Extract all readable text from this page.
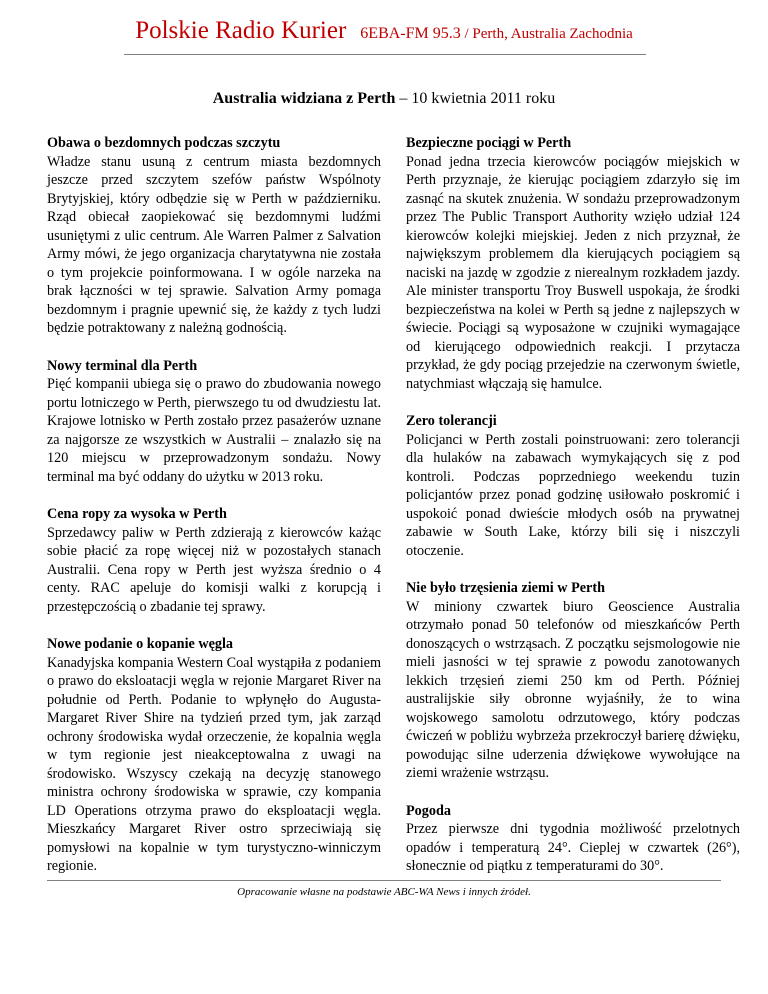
Polskie Radio Kurier 6EBA-FM 95.3 / Perth, Australia Zachodnia
Australia widziana z Perth – 10 kwietnia 2011 roku
Obawa o bezdomnych podczas szczytu

Władze stanu usuną z centrum miasta bezdomnych jeszcze przed szczytem szefów państw Wspólnoty Brytyjskiej, który odbędzie się w Perth w październiku. Rząd obiecał zaopiekować się bezdomnymi ludźmi usuniętymi z ulic centrum. Ale Warren Palmer z Salvation Army mówi, że jego organizacja charytatywna nie została o tym projekcie poinformowana. I w ogóle narzeka na brak łączności w tej sprawie. Salvation Army pomaga bezdomnym i pragnie upewnić się, że każdy z tych ludzi będzie potraktowany z należną godnością.

Nowy terminal dla Perth

Pięć kompanii ubiega się o prawo do zbudowania nowego portu lotniczego w Perth, pierwszego tu od dwudziestu lat. Krajowe lotnisko w Perth zostało przez pasażerów uznane za najgorsze ze wszystkich w Australii – znalazło się na 120 miejscu w przeprowadzonym sondażu. Nowy terminal ma być oddany do użytku w 2013 roku.

Cena ropy za wysoka w Perth

Sprzedawcy paliw w Perth zdzierają z kierowców każąc sobie płacić za ropę więcej niż w pozostałych stanach Australii. Cena ropy w Perth jest wyższa średnio o 4 centy. RAC apeluje do komisji walki z korupcją i przestępczością o zbadanie tej sprawy.

Nowe podanie o kopanie węgla

Kanadyjska kompania Western Coal wystąpiła z podaniem o prawo do eksloatacji węgla w rejonie Margaret River na południe od Perth. Podanie to wpłynęło do Augusta-Margaret River Shire na tydzień przed tym, jak zarząd ochrony środowiska wydał orzeczenie, że kopalnia węgla w tym regionie jest nieakceptowalna z uwagi na środowisko. Wszyscy czekają na decyzję stanowego ministra ochrony środowiska w sprawie, czy kompania LD Operations otrzyma prawo do eksploatacji węgla. Mieszkańcy Margaret River ostro sprzeciwiają się pomysłowi na kopalnie w tym turystyczno-winniczym regionie.

Bezpieczne pociągi w Perth

Ponad jedna trzecia kierowców pociągów miejskich w Perth przyznaje, że kierując pociągiem zdarzyło się im zasnąć na skutek znużenia. W sondażu przeprowadzonym przez The Public Transport Authority wzięło udział 124 kierowców kolejki miejskiej. Jeden z nich przyznał, że największym problemem dla kierujących pociągiem są naciski na jazdę w zgodzie z nierealnym rozkładem jazdy. Ale minister transportu Troy Buswell uspokaja, że środki bezpieczeństwa na kolei w Perth są jedne z najlepszych w świecie. Pociągi są wyposażone w czujniki wymagające od kierującego odpowiednich reakcji. I przytacza przykład, że gdy pociąg przejedzie na czerwonym świetle, natychmiast włączają się hamulce.

Zero tolerancji

Policjanci w Perth zostali poinstruowani: zero tolerancji dla hulaków na zabawach wymykających się z pod kontroli. Podczas poprzedniego weekendu tuzin policjantów przez ponad godzinę usiłowało poskromić i uspokoić ponad dwieście młodych osób na prywatnej zabawie w South Lake, którzy bili się i niszczyli otoczenie.

Nie było trzęsienia ziemi w Perth

W miniony czwartek biuro Geoscience Australia otrzymało ponad 50 telefonów od mieszkańców Perth donoszących o wstrząsach. Z początku sejsmologowie nie mieli jasności w tej sprawie z powodu zanotowanych lekkich trzęsień ziemi 250 km od Perth. Później australijskie siły obronne wyjaśniły, że to wina wojskowego samolotu odrzutowego, który podczas ćwiczeń w pobliżu wybrzeża przekroczył barierę dźwięku, powodując silne uderzenia dźwiękowe wywołujące na ziemi wrażenie wstrząsu.

Pogoda

Przez pierwsze dni tygodnia możliwość przelotnych opadów i temperaturą 24°. Cieplej w czwartek (26°), słonecznie od piątku z temperaturami do 30°.

Opracowanie własne na podstawie ABC-WA News i innych źródeł.
